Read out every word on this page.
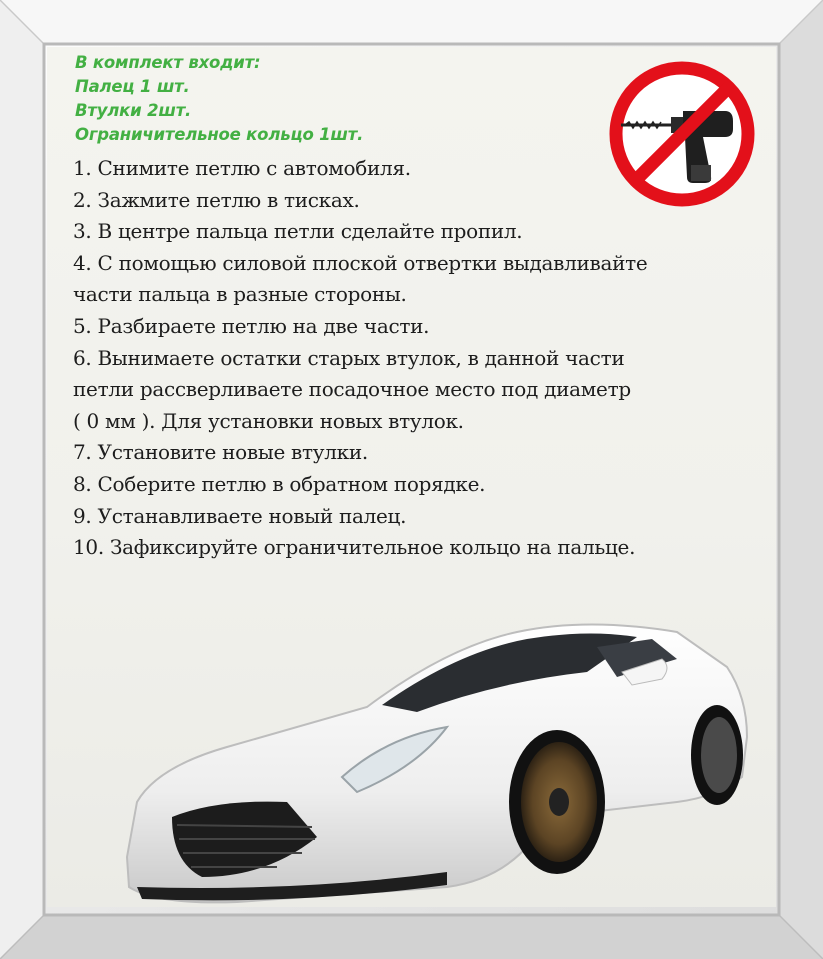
В комплект входит:
Палец 1 шт.
Втулки 2шт.
Ограничительное кольцо 1шт.
1. Снимите петлю с автомобиля.
2. Зажмите петлю в тисках.
3. В центре пальца петли сделайте пропил.
4. С помощью силовой плоской отвертки выдавливайте
части пальца в разные стороны.
5. Разбираете петлю на две части.
6. Вынимаете остатки старых втулок, в данной части
петли рассверливаете посадочное место под диаметр
( 0 мм ). Для установки новых втулок.
7. Установите новые втулки.
8. Соберите петлю в обратном порядке.
9. Устанавливаете новый палец.
10. Зафиксируйте ограничительное кольцо на пальце.
